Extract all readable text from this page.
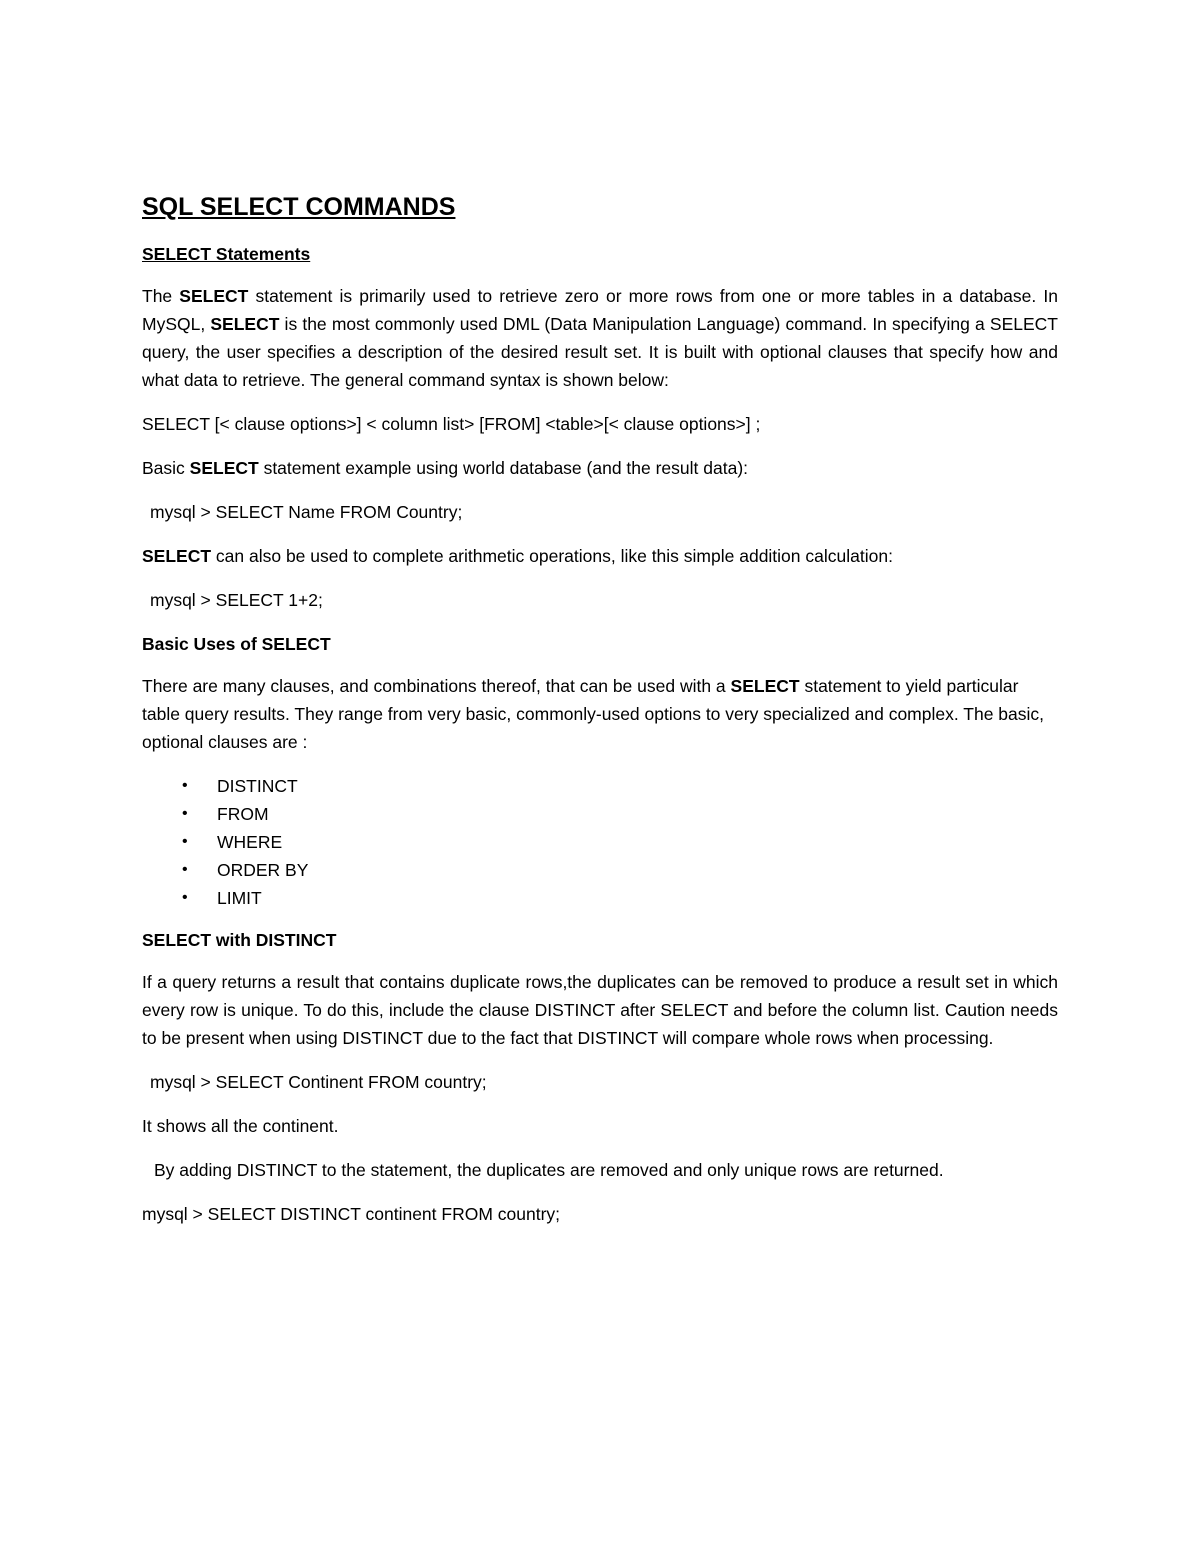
SQL SELECT COMMANDS
SELECT Statements

The SELECT statement is primarily used to retrieve zero or more rows from one or more tables in a database. In MySQL, SELECT is the most commonly used DML (Data Manipulation Language) command. In specifying a SELECT query, the user specifies a description of the desired result set. It is built with optional clauses that specify how and what data to retrieve. The general command syntax is shown below:

SELECT [< clause options>] < column list> [FROM] <table>[< clause options>] ;

Basic SELECT statement example using world database (and the result data):

mysql > SELECT Name FROM Country;

SELECT can also be used to complete arithmetic operations, like this simple addition calculation:

mysql > SELECT 1+2;

Basic Uses of SELECT

There are many clauses, and combinations thereof, that can be used with a SELECT statement to yield particular table query results. They range from very basic, commonly-used options to very specialized and complex. The basic, optional clauses are :

• DISTINCT
• FROM
• WHERE
• ORDER BY
• LIMIT
SELECT with DISTINCT

If a query returns a result that contains duplicate rows,the duplicates can be removed to produce a result set in which every row is unique. To do this, include the clause DISTINCT after SELECT and before the column list. Caution needs to be present when using DISTINCT due to the fact that DISTINCT will compare whole rows when processing.

mysql > SELECT Continent FROM country;

It shows all the continent.

By adding DISTINCT to the statement, the duplicates are removed and only unique rows are returned.

mysql > SELECT DISTINCT continent FROM country;
